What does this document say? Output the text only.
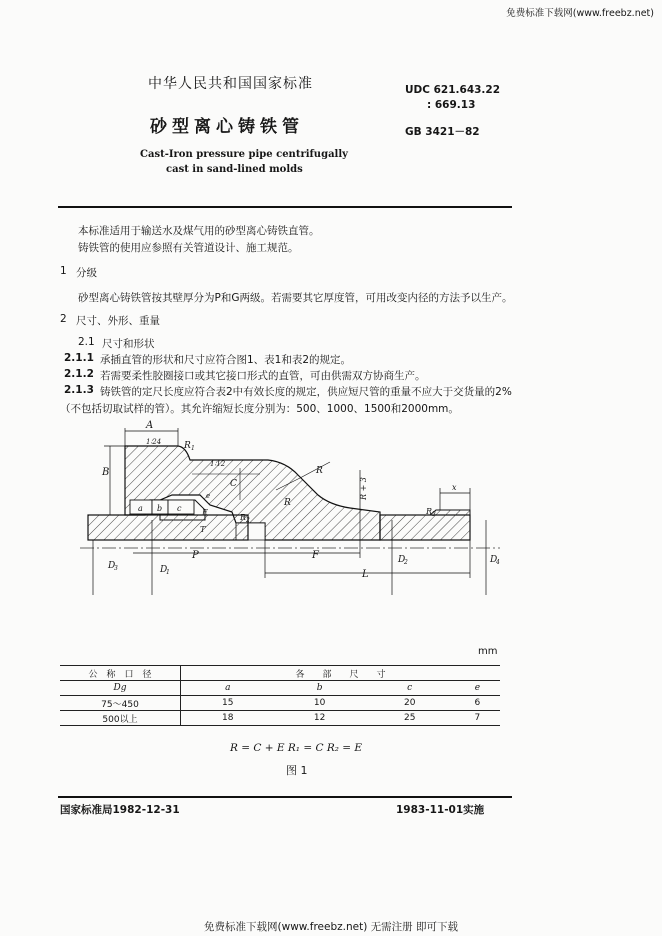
免费标准下载网(www.freebz.net)
中华人民共和国国家标准
砂型离心铸铁管
Cast-Iron pressure pipe centrifugally
cast in sand-lined molds
UDC 621.643.22
: 669.13
GB 3421－82
本标准适用于输送水及煤气用的砂型离心铸铁直管。
铸铁管的使用应参照有关管道设计、施工规范。
1 分级
砂型离心铸铁管按其壁厚分为P和G两级。若需要其它厚度管，可用改变内径的方法予以生产。
2 尺寸、外形、重量
2.1 尺寸和形状
2.1.1 承插直管的形状和尺寸应符合图1、表1和表2的规定。
2.1.2 若需要柔性胶圈接口或其它接口形式的直管，可由供需双方协商生产。
2.1.3 铸铁管的定尺长度应符合表2中有效长度的规定，供应短尺管的重量不应大于交货量的2%
（不包括切取试样的管）。其允许缩短长度分别为：500、1000、1500和2000mm。
A
R 1
1∶24
1∶12
B
C
R
R
R + 3
a b c
e
E
T
R 2
R 3
x
D
3	D
1
D
2	D
4
P	F
L
mm
公　称　口　径	各　　部　　尺　　寸			
Dg	a	b	c	e
75～450	15	10	20	6
500以上	18	12	25	7
R = C + E R₁ = C R₂ = E
图 1
国家标准局1982-12-31	1983-11-01实施
免费标准下载网(www.freebz.net) 无需注册 即可下载
